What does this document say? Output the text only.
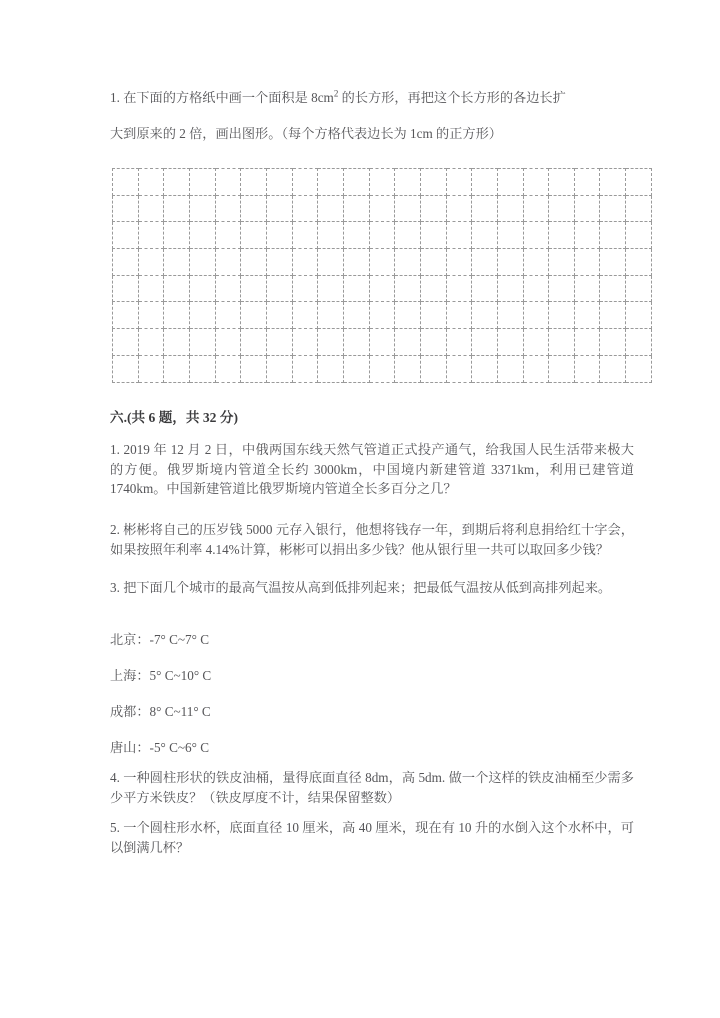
1. 在下面的方格纸中画一个面积是 $8cm^2$ 的长方形，再把这个长方形的各边长扩

大到原来的 2 倍，画出图形。（每个方格代表边长为 1cm 的正方形）

六.(共 6 题，共 32 分)

1. 2019 年 12 月 2 日，中俄两国东线天然气管道正式投产通气，给我国人民生活带来极大的方便。俄罗斯境内管道全长约 3000km，中国境内新建管道 3371km，利用已建管道 1740km。中国新建管道比俄罗斯境内管道全长多百分之几？

2. 彬彬将自己的压岁钱 5000 元存入银行，他想将钱存一年，到期后将利息捐给红十字会，如果按照年利率 4.14%计算，彬彬可以捐出多少钱？他从银行里一共可以取回多少钱？

3. 把下面几个城市的最高气温按从高到低排列起来；把最低气温按从低到高排列起来。

北京：-7° C~7° C

上海：5° C~10° C

成都：8° C~11° C

唐山：-5° C~6° C

4. 一种圆柱形状的铁皮油桶，量得底面直径 8dm，高 5dm. 做一个这样的铁皮油桶至少需多少平方米铁皮？（铁皮厚度不计，结果保留整数）

5. 一个圆柱形水杯，底面直径 10 厘米，高 40 厘米，现在有 10 升的水倒入这个水杯中，可以倒满几杯？
